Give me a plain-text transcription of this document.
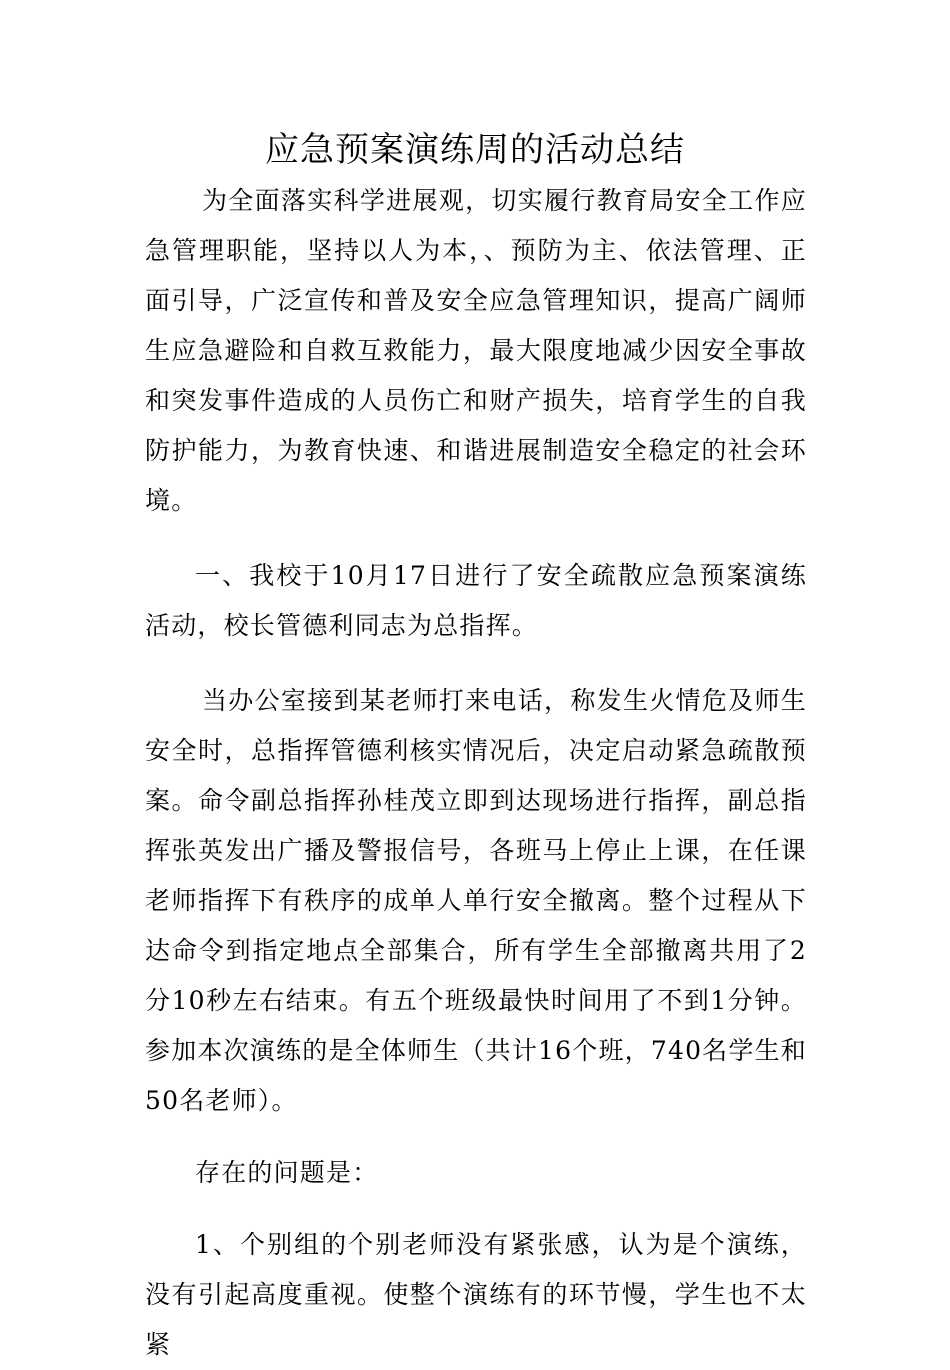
应急预案演练周的活动总结

为全面落实科学进展观，切实履行教育局安全工作应急管理职能，坚持以人为本，、预防为主、依法管理、正面引导，广泛宣传和普及安全应急管理知识，提高广阔师生应急避险和自救互救能力，最大限度地减少因安全事故和突发事件造成的人员伤亡和财产损失，培育学生的自我防护能力，为教育快速、和谐进展制造安全稳定的社会环境。

一、我校于10月17日进行了安全疏散应急预案演练活动，校长管德利同志为总指挥。

当办公室接到某老师打来电话，称发生火情危及师生安全时，总指挥管德利核实情况后，决定启动紧急疏散预案。命令副总指挥孙桂茂立即到达现场进行指挥，副总指挥张英发出广播及警报信号，各班马上停止上课，在任课老师指挥下有秩序的成单人单行安全撤离。整个过程从下达命令到指定地点全部集合，所有学生全部撤离共用了2分10秒左右结束。有五个班级最快时间用了不到1分钟。参加本次演练的是全体师生（共计16个班，740名学生和50名老师）。

存在的问题是：

1、个别组的个别老师没有紧张感，认为是个演练，没有引起高度重视。使整个演练有的环节慢，学生也不太紧
